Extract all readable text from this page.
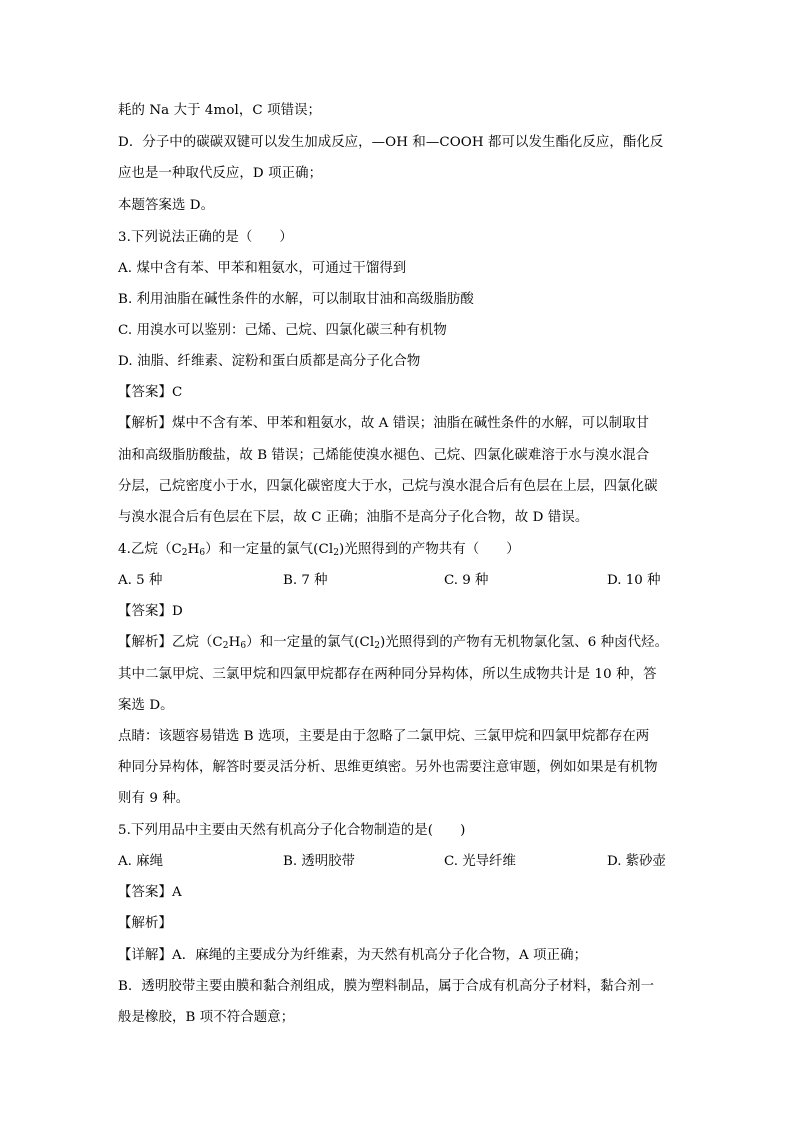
耗的 Na 大于 4mol，C 项错误；
D．分子中的碳碳双键可以发生加成反应，—OH 和—COOH 都可以发生酯化反应，酯化反
应也是一种取代反应，D 项正确；
本题答案选 D。
3.下列说法正确的是（　　）
A. 煤中含有苯、甲苯和粗氨水，可通过干馏得到
B. 利用油脂在碱性条件的水解，可以制取甘油和高级脂肪酸
C. 用溴水可以鉴别：己烯、己烷、四氯化碳三种有机物
D. 油脂、纤维素、淀粉和蛋白质都是高分子化合物
【答案】C
【解析】煤中不含有苯、甲苯和粗氨水，故 A 错误；油脂在碱性条件的水解，可以制取甘
油和高级脂肪酸盐，故 B 错误；己烯能使溴水褪色、己烷、四氯化碳难溶于水与溴水混合
分层，己烷密度小于水，四氯化碳密度大于水，己烷与溴水混合后有色层在上层，四氯化碳
与溴水混合后有色层在下层，故 C 正确；油脂不是高分子化合物，故 D 错误。
4.乙烷$(C_2H_6)$和一定量的氯气$(Cl_2)$光照得到的产物共有（　　）
A. 5 种	B. 7 种	C. 9 种	D. 10 种
【答案】D
【解析】乙烷$(C_2H_6)$和一定量的氯气$(Cl_2)$光照得到的产物有无机物氯化氢、6 种卤代烃。
其中二氯甲烷、三氯甲烷和四氯甲烷都存在两种同分异构体，所以生成物共计是 10 种，答
案选 D。
点睛：该题容易错选 B 选项，主要是由于忽略了二氯甲烷、三氯甲烷和四氯甲烷都存在两
种同分异构体，解答时要灵活分析、思维更缜密。另外也需要注意审题，例如如果是有机物
则有 9 种。
5.下列用品中主要由天然有机高分子化合物制造的是(　　)
A. 麻绳	B. 透明胶带	C. 光导纤维	D. 紫砂壶
【答案】A
【解析】
【详解】A．麻绳的主要成分为纤维素，为天然有机高分子化合物，A 项正确；
B．透明胶带主要由膜和黏合剂组成，膜为塑料制品，属于合成有机高分子材料，黏合剂一
般是橡胶，B 项不符合题意；
